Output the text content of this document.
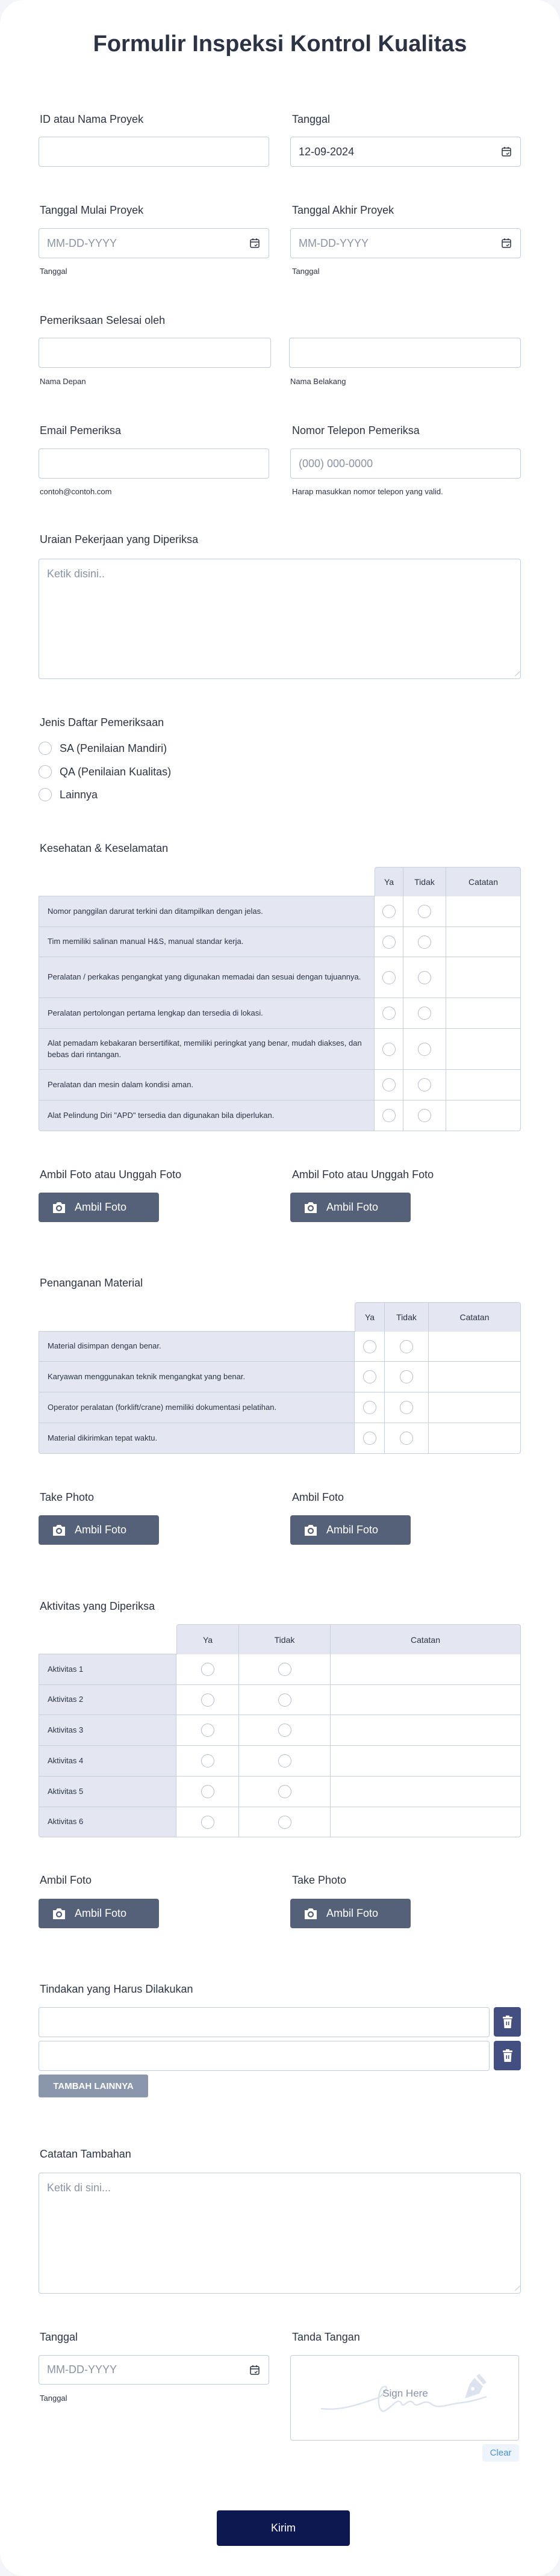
Formulir Inspeksi Kontrol Kualitas
ID atau Nama Proyek	Tanggal
12-09-2024
Tanggal Mulai Proyek
MM-DD-YYYY
Tanggal
Tanggal Akhir Proyek
MM-DD-YYYY
Tanggal
Pemeriksaan Selesai oleh
Nama Depan	Nama Belakang
Email Pemeriksa
contoh@contoh.com
Nomor Telepon Pemeriksa
(000) 000-0000
Harap masukkan nomor telepon yang valid.
Uraian Pekerjaan yang Diperiksa
Ketik disini..
Jenis Daftar Pemeriksaan
SA (Penilaian Mandiri)
QA (Penilaian Kualitas)
Lainnya
Kesehatan & Keselamatan
	Ya	Tidak	Catatan
Nomor panggilan darurat terkini dan ditampilkan dengan jelas.			
Tim memiliki salinan manual H&S, manual standar kerja.			
Peralatan / perkakas pengangkat yang digunakan memadai dan sesuai dengan tujuannya.			
Peralatan pertolongan pertama lengkap dan tersedia di lokasi.			
Alat pemadam kebakaran bersertifikat, memiliki peringkat yang benar, mudah diakses, dan bebas dari rintangan.			
Peralatan dan mesin dalam kondisi aman.			
Alat Pelindung Diri "APD" tersedia dan digunakan bila diperlukan.			
Ambil Foto atau Unggah Foto
Ambil Foto
Ambil Foto atau Unggah Foto
Ambil Foto
Penanganan Material
	Ya	Tidak	Catatan
Material disimpan dengan benar.			
Karyawan menggunakan teknik mengangkat yang benar.			
Operator peralatan (forklift/crane) memiliki dokumentasi pelatihan.			
Material dikirimkan tepat waktu.			
Take Photo
Ambil Foto
Ambil Foto
Ambil Foto
Aktivitas yang Diperiksa
	Ya	Tidak	Catatan
Aktivitas 1			
Aktivitas 2			
Aktivitas 3			
Aktivitas 4			
Aktivitas 5			
Aktivitas 6			
Ambil Foto
Ambil Foto
Take Photo
Ambil Foto
Tindakan yang Harus Dilakukan
TAMBAH LAINNYA
Catatan Tambahan
Ketik di sini...
Tanggal
MM-DD-YYYY
Tanggal
Tanda Tangan
Sign Here
Clear
Kirim
